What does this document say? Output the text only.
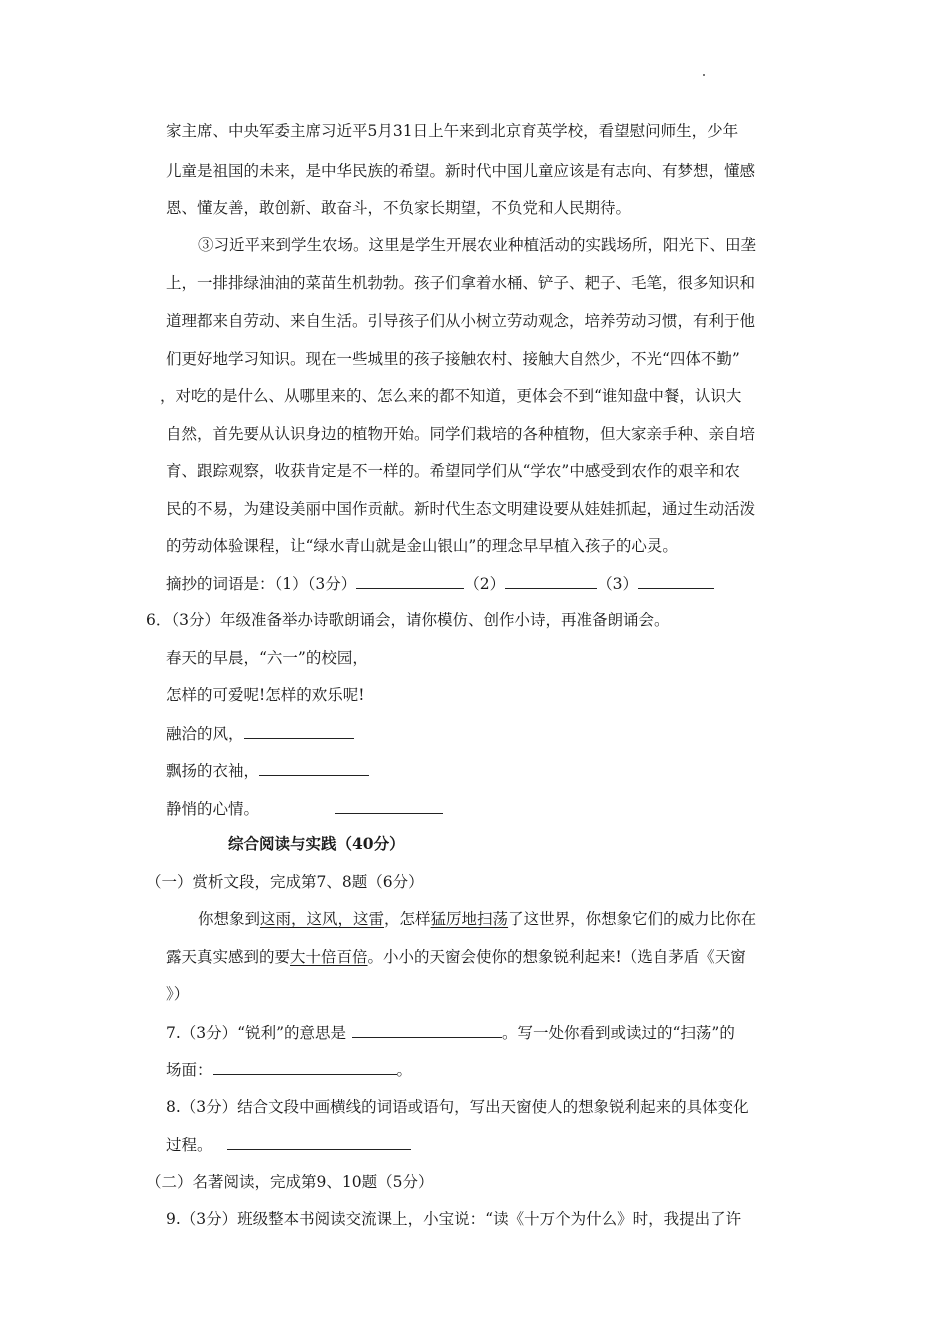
家主席、中央军委主席习近平5月31日上午来到北京育英学校，看望慰问师生，少年
儿童是祖国的未来，是中华民族的希望。新时代中国儿童应该是有志向、有梦想，懂感
恩、懂友善，敢创新、敢奋斗，不负家长期望，不负党和人民期待。
③习近平来到学生农场。这里是学生开展农业种植活动的实践场所，阳光下、田垄
上，一排排绿油油的菜苗生机勃勃。孩子们拿着水桶、铲子、耙子、毛笔，很多知识和
道理都来自劳动、来自生活。引导孩子们从小树立劳动观念，培养劳动习惯，有利于他
们更好地学习知识。现在一些城里的孩子接触农村、接触大自然少，不光“四体不勤”
，对吃的是什么、从哪里来的、怎么来的都不知道，更体会不到“谁知盘中餐，认识大
自然，首先要从认识身边的植物开始。同学们栽培的各种植物，但大家亲手种、亲自培
育、跟踪观察，收获肯定是不一样的。希望同学们从“学农”中感受到农作的艰辛和农
民的不易，为建设美丽中国作贡献。新时代生态文明建设要从娃娃抓起，通过生动活泼
的劳动体验课程，让“绿水青山就是金山银山”的理念早早植入孩子的心灵。
摘抄的词语是：（1）（3分）	（2）	（3）
6．（3分）年级准备举办诗歌朗诵会，请你模仿、创作小诗，再准备朗诵会。
春天的早晨，“六一”的校园，
怎样的可爱呢!怎样的欢乐呢!
融洽的风，
飘扬的衣袖，
静悄的心情。
综合阅读与实践（40分）
（一）赏析文段，完成第7、8题（6分）
你想象到这雨，这风，这雷，怎样猛厉地扫荡了这世界，你想象它们的威力比你在
露天真实感到的要大十倍百倍。小小的天窗会使你的想象锐利起来!（选自茅盾《天窗
》）
7.（3分）“锐利”的意思是	。写一处你看到或读过的“扫荡”的
场面：	。
8.（3分）结合文段中画横线的词语或语句，写出天窗使人的想象锐利起来的具体变化
过程。
（二）名著阅读，完成第9、10题（5分）
9.（3分）班级整本书阅读交流课上，小宝说：“读《十万个为什么》时，我提出了许
